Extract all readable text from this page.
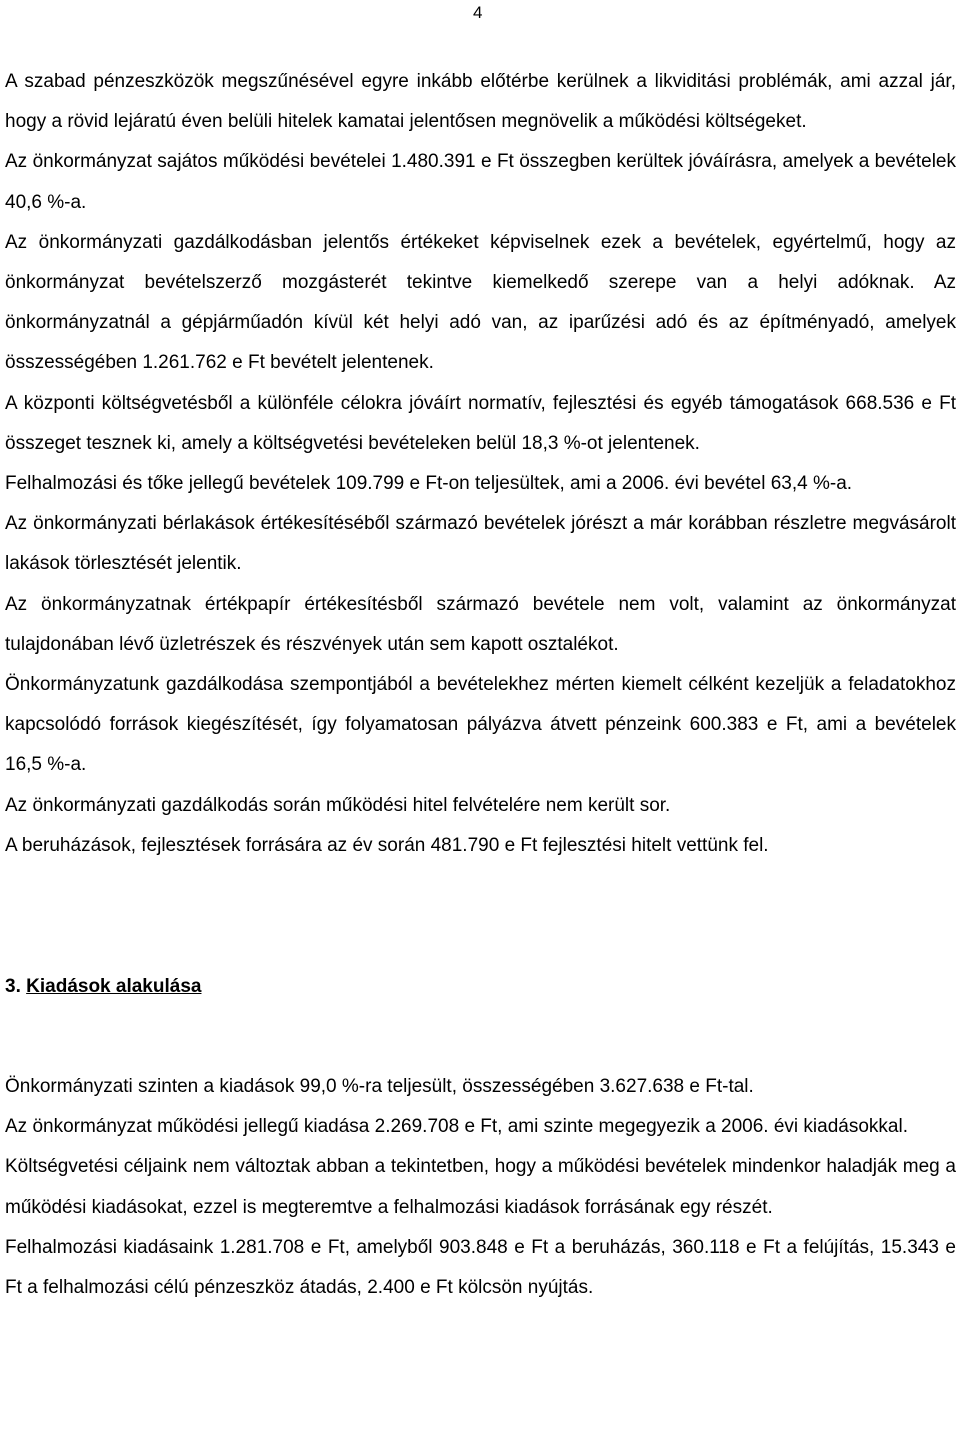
4

A szabad pénzeszközök megszűnésével egyre inkább előtérbe kerülnek a likviditási problémák, ami azzal jár, hogy a rövid lejáratú éven belüli hitelek kamatai jelentősen megnövelik a működési költségeket.

Az önkormányzat sajátos működési bevételei 1.480.391 e Ft összegben kerültek jóváírásra, amelyek a bevételek 40,6 %-a.

Az önkormányzati gazdálkodásban jelentős értékeket képviselnek ezek a bevételek, egyértelmű, hogy az önkormányzat bevételszerző mozgásterét tekintve kiemelkedő szerepe van a helyi adóknak. Az önkormányzatnál a gépjárműadón kívül két helyi adó van, az iparűzési adó és az építményadó, amelyek összességében 1.261.762 e Ft bevételt jelentenek.

A központi költségvetésből a különféle célokra jóváírt normatív, fejlesztési és egyéb támogatások 668.536 e Ft összeget tesznek ki, amely a költségvetési bevételeken belül 18,3 %-ot jelentenek.

Felhalmozási és tőke jellegű bevételek 109.799 e Ft-on teljesültek, ami a 2006. évi bevétel 63,4 %-a.

Az önkormányzati bérlakások értékesítéséből származó bevételek jórészt a már korábban részletre megvásárolt lakások törlesztését jelentik.

Az önkormányzatnak értékpapír értékesítésből származó bevétele nem volt, valamint az önkormányzat tulajdonában lévő üzletrészek és részvények után sem kapott osztalékot.

Önkormányzatunk gazdálkodása szempontjából a bevételekhez mérten kiemelt célként kezeljük a feladatokhoz kapcsolódó források kiegészítését, így folyamatosan pályázva átvett pénzeink 600.383 e Ft, ami a bevételek 16,5 %-a.

Az önkormányzati gazdálkodás során működési hitel felvételére nem került sor.

A beruházások, fejlesztések forrására az év során 481.790 e Ft fejlesztési hitelt vettünk fel.

3. Kiadások alakulása

Önkormányzati szinten a kiadások 99,0 %-ra teljesült, összességében 3.627.638 e Ft-tal.

Az önkormányzat működési jellegű kiadása 2.269.708 e Ft, ami szinte megegyezik a 2006. évi kiadásokkal.

Költségvetési céljaink nem változtak abban a tekintetben, hogy a működési bevételek mindenkor haladják meg a működési kiadásokat, ezzel is megteremtve a felhalmozási kiadások forrásának egy részét.

Felhalmozási kiadásaink 1.281.708 e Ft, amelyből 903.848 e Ft a beruházás, 360.118 e Ft a felújítás, 15.343 e Ft a felhalmozási célú pénzeszköz átadás, 2.400 e Ft kölcsön nyújtás.
